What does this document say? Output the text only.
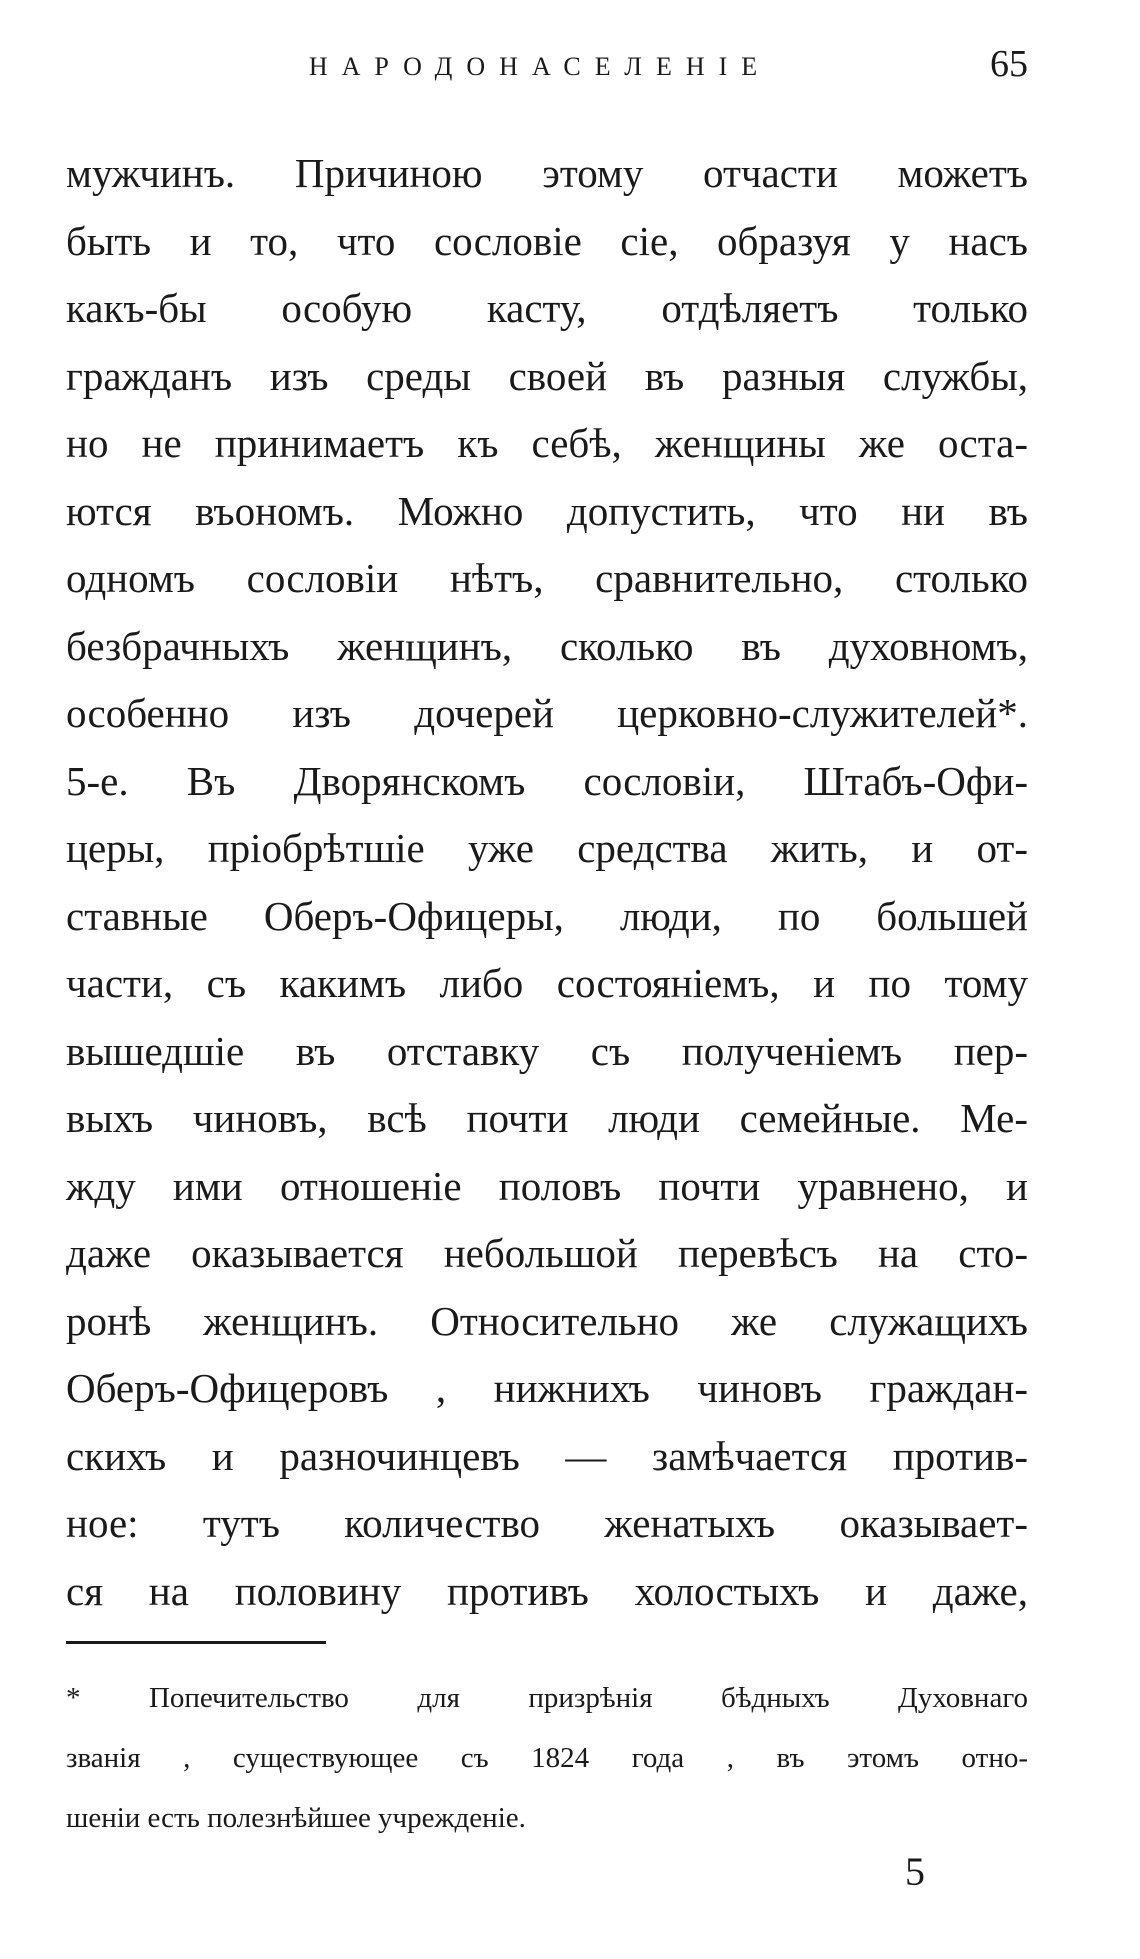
НАРОДОНАСЕЛЕНІЕ	65
мужчинъ. Причиною этому отчасти можетъ
быть и то, что сословіе сіе, образуя у насъ
какъ-бы особую касту, отдѣляетъ только
гражданъ изъ среды своей въ разныя службы,
но не принимаетъ къ себѣ, женщины же оста-
ются въономъ. Можно допустить, что ни въ
одномъ сословіи нѣтъ, сравнительно, столько
безбрачныхъ женщинъ, сколько въ духовномъ,
особенно изъ дочерей церковно-служителей*.
5-е. Въ Дворянскомъ сословіи, Штабъ-Офи-
церы, пріобрѣтшіе уже средства жить, и от-
ставные Оберъ-Офицеры, люди, по большей
части, съ какимъ либо состояніемъ, и по тому
вышедшіе въ отставку съ полученіемъ пер-
выхъ чиновъ, всѣ почти люди семейные. Ме-
жду ими отношеніе половъ почти уравнено, и
даже оказывается небольшой перевѣсъ на сто-
ронѣ женщинъ. Относительно же служащихъ
Оберъ-Офицеровъ , нижнихъ чиновъ граждан-
скихъ и разночинцевъ — замѣчается против-
ное: тутъ количество женатыхъ оказывает-
ся на половину противъ холостыхъ и даже,
* Попечительство для призрѣнія бѣдныхъ Духовнаго
званія , существующее съ 1824 года , въ этомъ отно-
шеніи есть полезнѣйшее учрежденіе.
5
